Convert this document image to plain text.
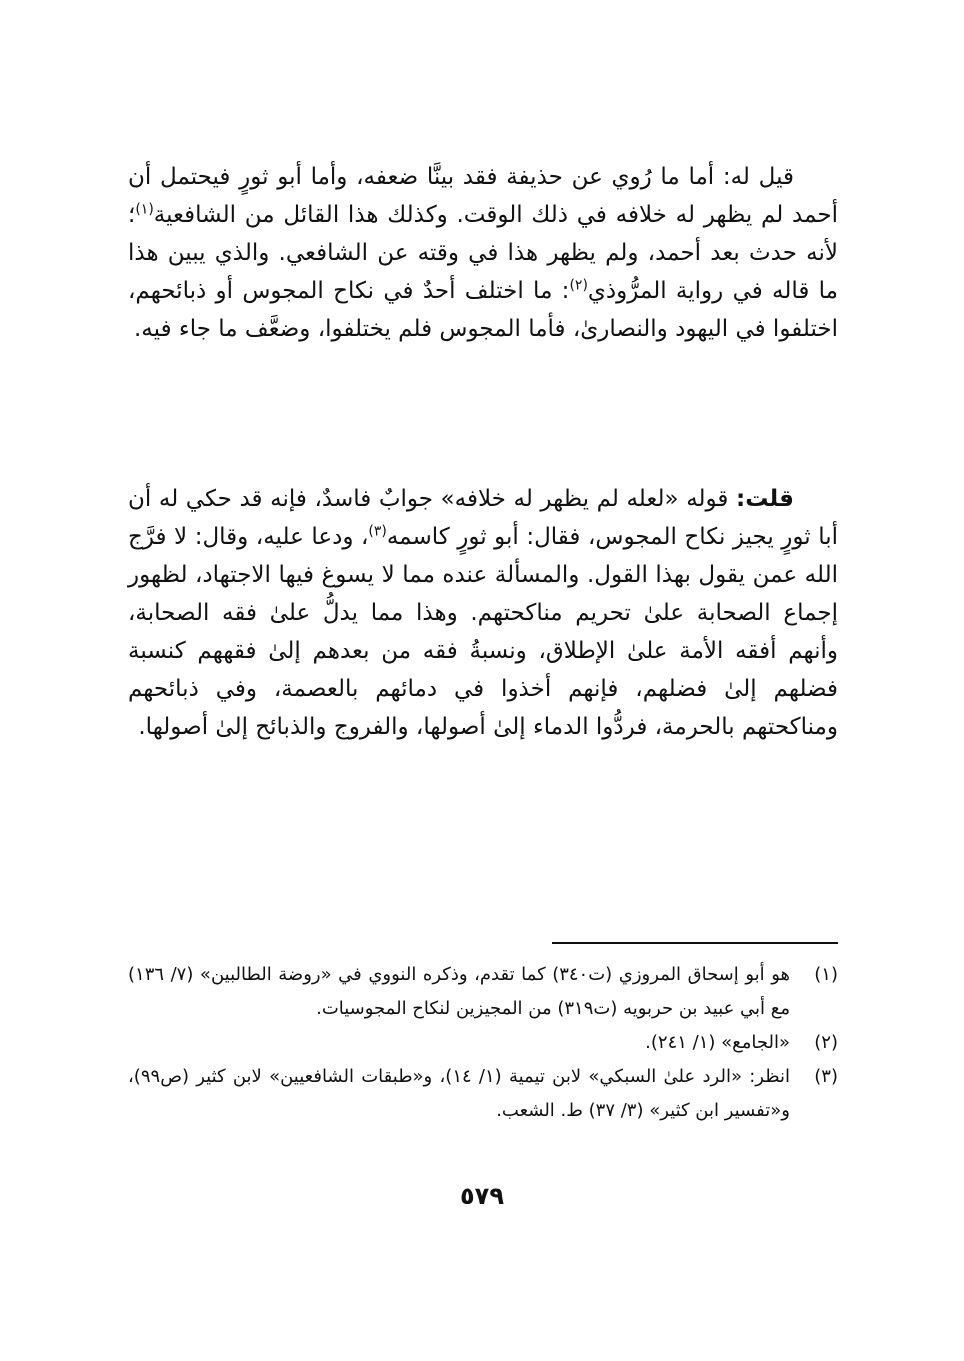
قيل له: أما ما رُوي عن حذيفة فقد بينَّا ضعفه، وأما أبو ثورٍ فيحتمل أن أحمد لم يظهر له خلافه في ذلك الوقت. وكذلك هذا القائل من الشافعية$^{(١)}$؛ لأنه حدث بعد أحمد، ولم يظهر هذا في وقته عن الشافعي. والذي يبين هذا ما قاله في رواية المرُّوذي$^{(٢)}$: ما اختلف أحدٌ في نكاح المجوس أو ذبائحهم، اختلفوا في اليهود والنصارىٰ، فأما المجوس فلم يختلفوا، وضعَّف ما جاء فيه.

قلت: قوله «لعله لم يظهر له خلافه» جوابٌ فاسدٌ، فإنه قد حكي له أن أبا ثورٍ يجيز نكاح المجوس، فقال: أبو ثورٍ كاسمه$^{(٣)}$، ودعا عليه، وقال: لا فرَّج الله عمن يقول بهذا القول. والمسألة عنده مما لا يسوغ فيها الاجتهاد، لظهور إجماع الصحابة علىٰ تحريم مناكحتهم. وهذا مما يدلُّ علىٰ فقه الصحابة، وأنهم أفقه الأمة علىٰ الإطلاق، ونسبةُ فقه من بعدهم إلىٰ فقههم كنسبة فضلهم إلىٰ فضلهم، فإنهم أخذوا في دمائهم بالعصمة، وفي ذبائحهم ومناكحتهم بالحرمة، فردُّوا الدماء إلىٰ أصولها، والفروج والذبائح إلىٰ أصولها.

(١)
هو أبو إسحاق المروزي (ت٣٤٠) كما تقدم، وذكره النووي في «روضة الطالبين» (٧/ ١٣٦) مع أبي عبيد بن حربويه (ت٣١٩) من المجيزين لنكاح المجوسيات.

(٢)
«الجامع» (١/ ٢٤١).

(٣)
انظر: «الرد علىٰ السبكي» لابن تيمية (١/ ١٤)، و«طبقات الشافعيين» لابن كثير (ص٩٩)، و«تفسير ابن كثير» (٣/ ٣٧) ط. الشعب.

٥٧٩
